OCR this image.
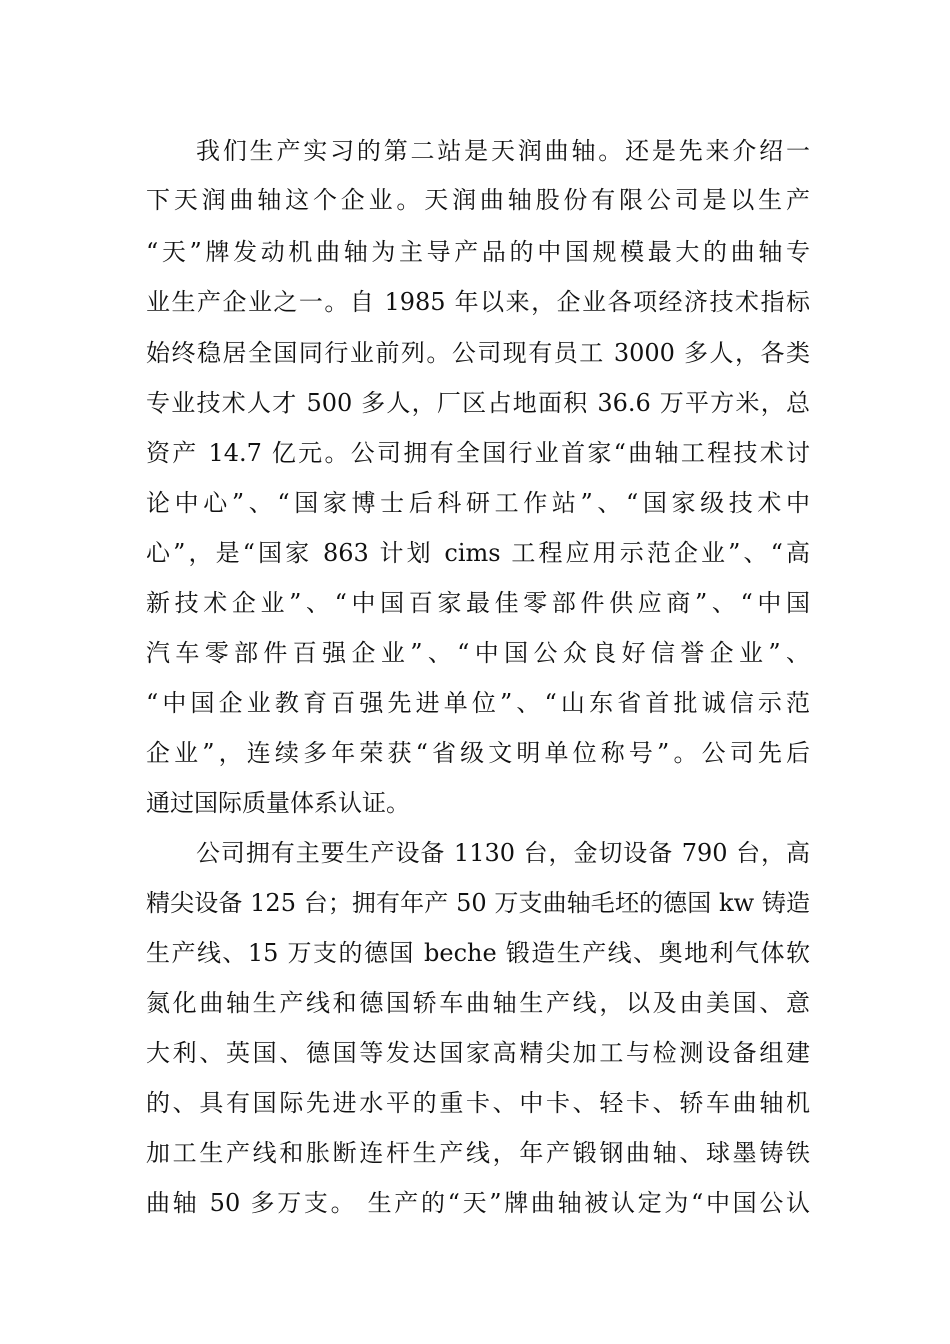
我们生产实习的第二站是天润曲轴。还是先来介绍一
下天润曲轴这个企业。天润曲轴股份有限公司是以生产
“天”牌发动机曲轴为主导产品的中国规模最大的曲轴专
业生产企业之一。自 1985 年以来，企业各项经济技术指标
始终稳居全国同行业前列。公司现有员工 3000 多人，各类
专业技术人才 500 多人，厂区占地面积 36.6 万平方米，总
资产 14.7 亿元。公司拥有全国行业首家“曲轴工程技术讨
论中心”、“国家博士后科研工作站”、“国家级技术中
心”，是“国家 863 计划 cims 工程应用示范企业”、“高
新技术企业”、“中国百家最佳零部件供应商”、“中国
汽车零部件百强企业”、“中国公众良好信誉企业”、
“中国企业教育百强先进单位”、“山东省首批诚信示范
企业”，连续多年荣获“省级文明单位称号”。公司先后
通过国际质量体系认证。
公司拥有主要生产设备 1130 台，金切设备 790 台，高
精尖设备 125 台；拥有年产 50 万支曲轴毛坯的德国 kw 铸造
生产线、15 万支的德国 beche 锻造生产线、奥地利气体软
氮化曲轴生产线和德国轿车曲轴生产线，以及由美国、意
大利、英国、德国等发达国家高精尖加工与检测设备组建
的、具有国际先进水平的重卡、中卡、轻卡、轿车曲轴机
加工生产线和胀断连杆生产线，年产锻钢曲轴、球墨铸铁
曲轴 50 多万支。 生产的“天”牌曲轴被认定为“中国公认
